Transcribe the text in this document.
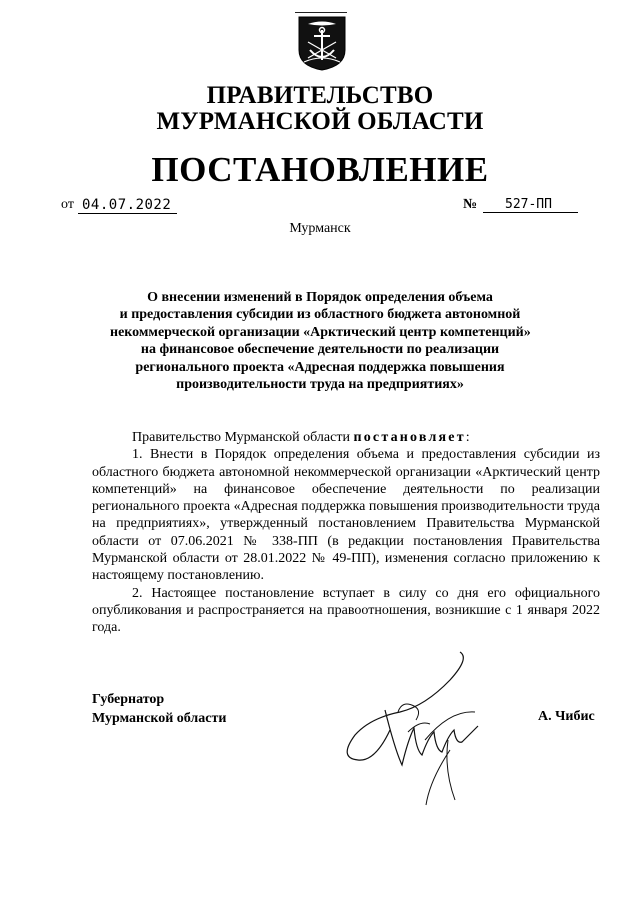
ПРАВИТЕЛЬСТВО
МУРМАНСКОЙ ОБЛАСТИ
ПОСТАНОВЛЕНИЕ
от 04.07.2022	№	527-ПП
Мурманск
О внесении изменений в Порядок определения объема
и предоставления субсидии из областного бюджета автономной
некоммерческой организации «Арктический центр компетенций»
на финансовое обеспечение деятельности по реализации
регионального проекта «Адресная поддержка повышения
производительности труда на предприятиях»

Правительство Мурманской области постановляет:

1. Внести в Порядок определения объема и предоставления субсидии из областного бюджета автономной некоммерческой организации «Арктический центр компетенций» на финансовое обеспечение деятельности по реализации регионального проекта «Адресная поддержка повышения производительности труда на предприятиях», утвержденный постановлением Правительства Мурманской области от 07.06.2021 № 338-ПП (в редакции постановления Правительства Мурманской области от 28.01.2022 № 49-ПП), изменения согласно приложению к настоящему постановлению.

2. Настоящее постановление вступает в силу со дня его официального опубликования и распространяется на правоотношения, возникшие с 1 января 2022 года.

Губернатор
Мурманской области	А. Чибис
